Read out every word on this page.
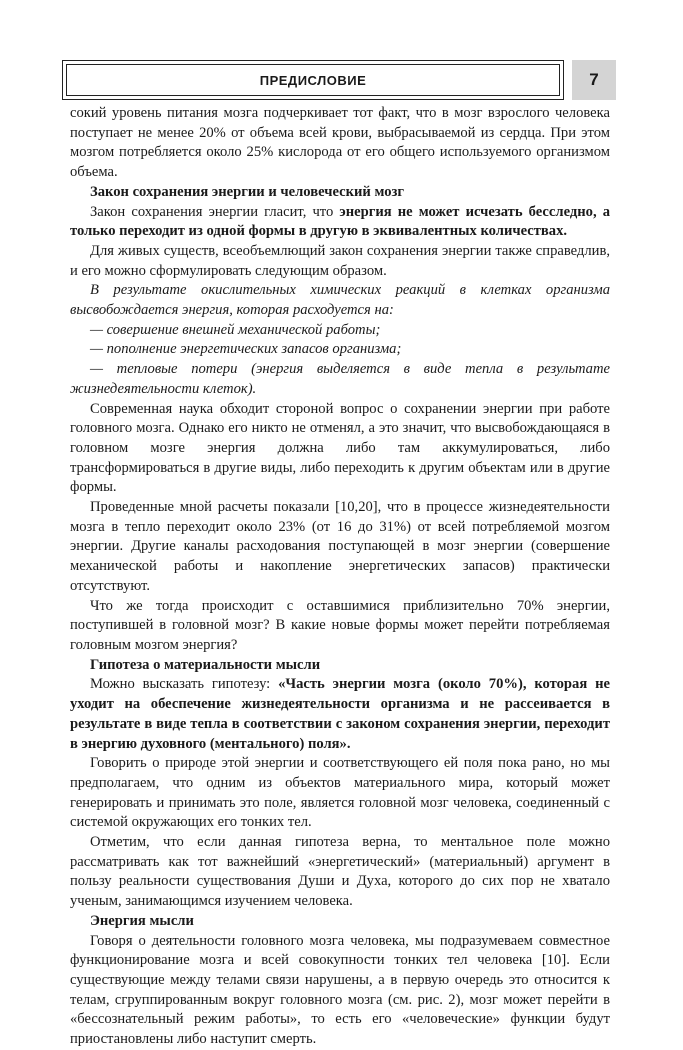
ПРЕДИСЛОВИЕ	7

сокий уровень питания мозга подчеркивает тот факт, что в мозг взрослого человека поступает не менее 20% от объема всей крови, выбрасываемой из сердца. При этом мозгом потребляется около 25% кислорода от его общего используемого организмом объема.

Закон сохранения энергии и человеческий мозг

Закон сохранения энергии гласит, что энергия не может исчезать бесследно, а только переходит из одной формы в другую в эквивалентных количествах.

Для живых существ, всеобъемлющий закон сохранения энергии также справедлив, и его можно сформулировать следующим образом.

В результате окислительных химических реакций в клетках организма высвобождается энергия, которая расходуется на:

— совершение внешней механической работы;

— пополнение энергетических запасов организма;

— тепловые потери (энергия выделяется в виде тепла в результате жизнедеятельности клеток).

Современная наука обходит стороной вопрос о сохранении энергии при работе головного мозга. Однако его никто не отменял, а это значит, что высвобождающаяся в головном мозге энергия должна либо там аккумулироваться, либо трансформироваться в другие виды, либо переходить к другим объектам или в другие формы.

Проведенные мной расчеты показали [10,20], что в процессе жизнедеятельности мозга в тепло переходит около 23% (от 16 до 31%) от всей потребляемой мозгом энергии. Другие каналы расходования поступающей в мозг энергии (совершение механической работы и накопление энергетических запасов) практически отсутствуют.

Что же тогда происходит с оставшимися приблизительно 70% энергии, поступившей в головной мозг? В какие новые формы может перейти потребляемая головным мозгом энергия?

Гипотеза о материальности мысли

Можно высказать гипотезу: «Часть энергии мозга (около 70%), которая не уходит на обеспечение жизнедеятельности организма и не рассеивается в результате в виде тепла в соответствии с законом сохранения энергии, переходит в энергию духовного (ментального) поля».

Говорить о природе этой энергии и соответствующего ей поля пока рано, но мы предполагаем, что одним из объектов материального мира, который может генерировать и принимать это поле, является головной мозг человека, соединенный с системой окружающих его тонких тел.

Отметим, что если данная гипотеза верна, то ментальное поле можно рассматривать как тот важнейший «энергетический» (материальный) аргумент в пользу реальности существования Души и Духа, которого до сих пор не хватало ученым, занимающимся изучением человека.

Энергия мысли

Говоря о деятельности головного мозга человека, мы подразумеваем совместное функционирование мозга и всей совокупности тонких тел человека [10]. Если существующие между телами связи нарушены, а в первую очередь это относится к телам, сгруппированным вокруг головного мозга (см. рис. 2), мозг может перейти в «бессознательный режим работы», то есть его «человеческие» функции будут приостановлены либо наступит смерть.
